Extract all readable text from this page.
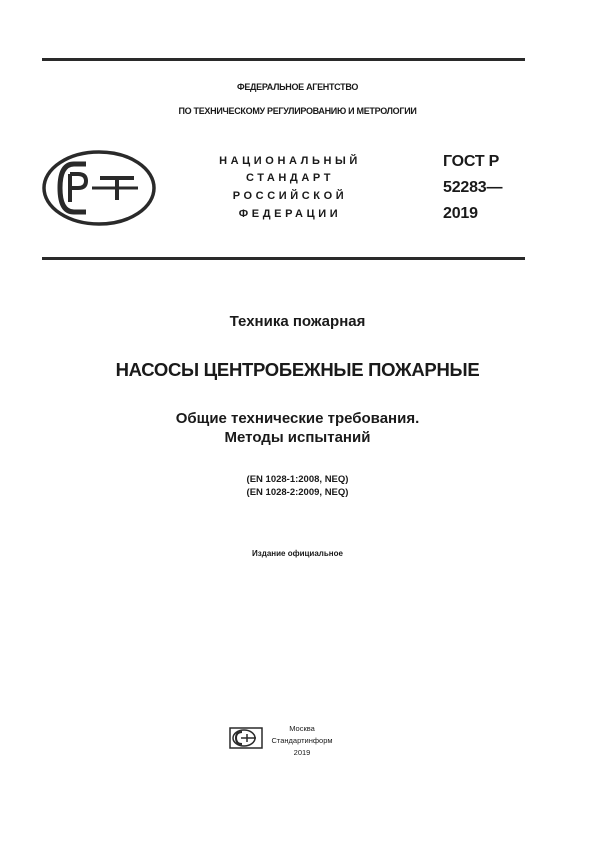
ФЕДЕРАЛЬНОЕ АГЕНТСТВО
ПО ТЕХНИЧЕСКОМУ РЕГУЛИРОВАНИЮ И МЕТРОЛОГИИ
НАЦИОНАЛЬНЫЙ
СТАНДАРТ
РОССИЙСКОЙ
ФЕДЕРАЦИИ
ГОСТ Р
52283—
2019
Техника пожарная
НАСОСЫ ЦЕНТРОБЕЖНЫЕ ПОЖАРНЫЕ
Общие технические требования.
Методы испытаний
(EN 1028-1:2008, NEQ)
(EN 1028-2:2009, NEQ)
Издание официальное
Москва
Стандартинформ
2019
